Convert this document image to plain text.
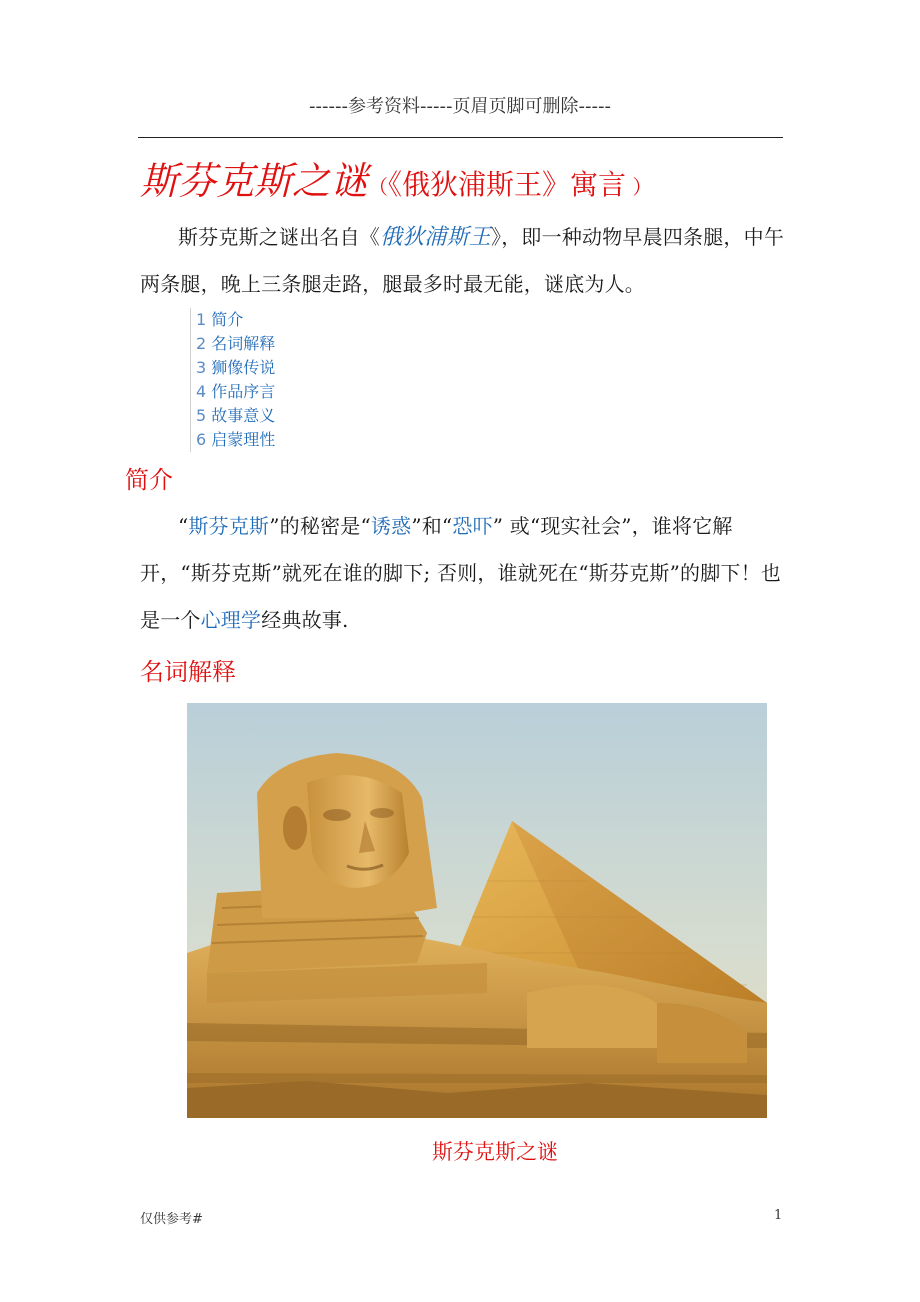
------参考资料-----页眉页脚可删除-----
斯芬克斯之谜（《俄狄浦斯王》寓言 ）
斯芬克斯之谜出名自《俄狄浦斯王》，即一种动物早晨四条腿，中午两条腿，晚上三条腿走路，腿最多时最无能，谜底为人。
1 简介
2 名词解释
3 狮像传说
4 作品序言
5 故事意义
6 启蒙理性
简介
“斯芬克斯”的秘密是“诱惑”和“恐吓” 或“现实社会”，谁将它解开，“斯芬克斯”就死在谁的脚下; 否则，谁就死在“斯芬克斯”的脚下！也是一个心理学经典故事.
名词解释
斯芬克斯之谜
仅供参考#	1
